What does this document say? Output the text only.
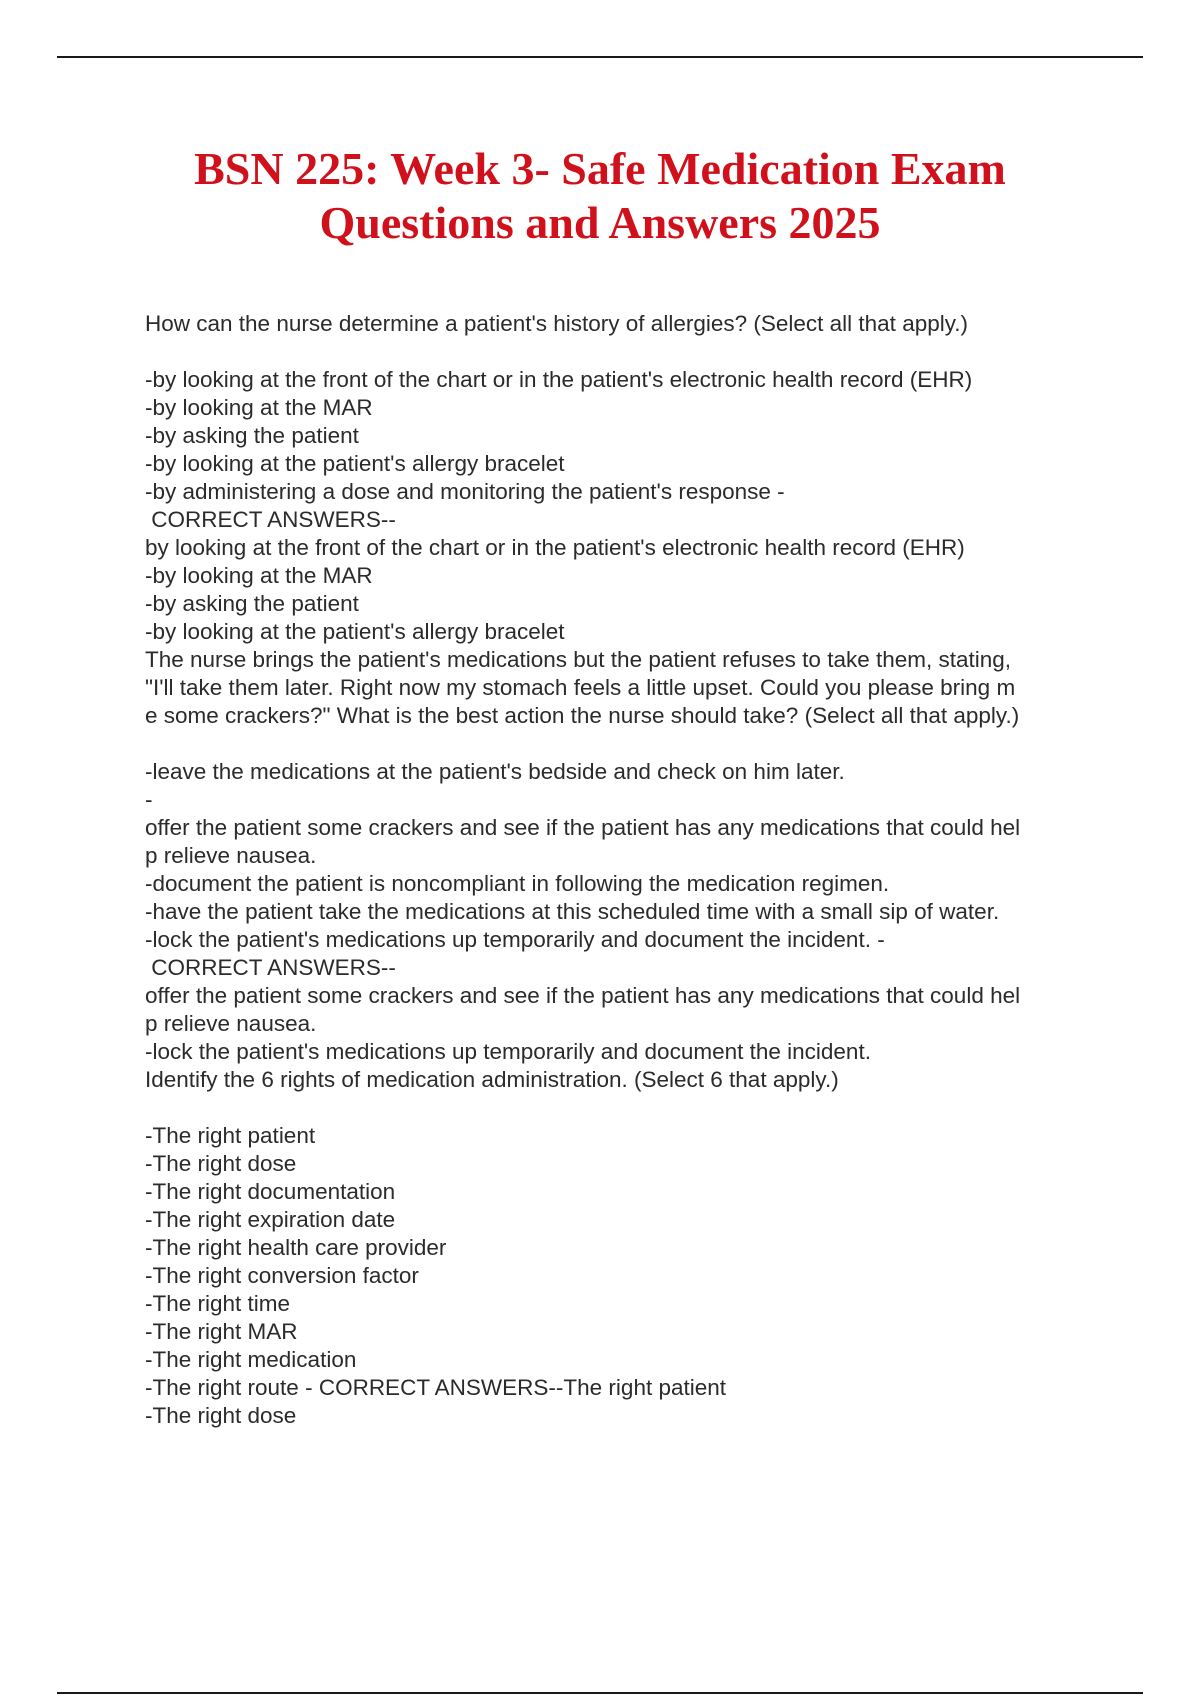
BSN 225: Week 3- Safe Medication Exam
Questions and Answers 2025
How can the nurse determine a patient's history of allergies? (Select all that apply.)
-by looking at the front of the chart or in the patient's electronic health record (EHR)
-by looking at the MAR
-by asking the patient
-by looking at the patient's allergy bracelet
-by administering a dose and monitoring the patient's response -
CORRECT ANSWERS--
by looking at the front of the chart or in the patient's electronic health record (EHR)
-by looking at the MAR
-by asking the patient
-by looking at the patient's allergy bracelet
The nurse brings the patient's medications but the patient refuses to take them, stating,
"I'll take them later. Right now my stomach feels a little upset. Could you please bring m
e some crackers?" What is the best action the nurse should take? (Select all that apply.)
-leave the medications at the patient's bedside and check on him later.
-
offer the patient some crackers and see if the patient has any medications that could hel
p relieve nausea.
-document the patient is noncompliant in following the medication regimen.
-have the patient take the medications at this scheduled time with a small sip of water.
-lock the patient's medications up temporarily and document the incident. -
CORRECT ANSWERS--
offer the patient some crackers and see if the patient has any medications that could hel
p relieve nausea.
-lock the patient's medications up temporarily and document the incident.
Identify the 6 rights of medication administration. (Select 6 that apply.)
-The right patient
-The right dose
-The right documentation
-The right expiration date
-The right health care provider
-The right conversion factor
-The right time
-The right MAR
-The right medication
-The right route - CORRECT ANSWERS--The right patient
-The right dose
